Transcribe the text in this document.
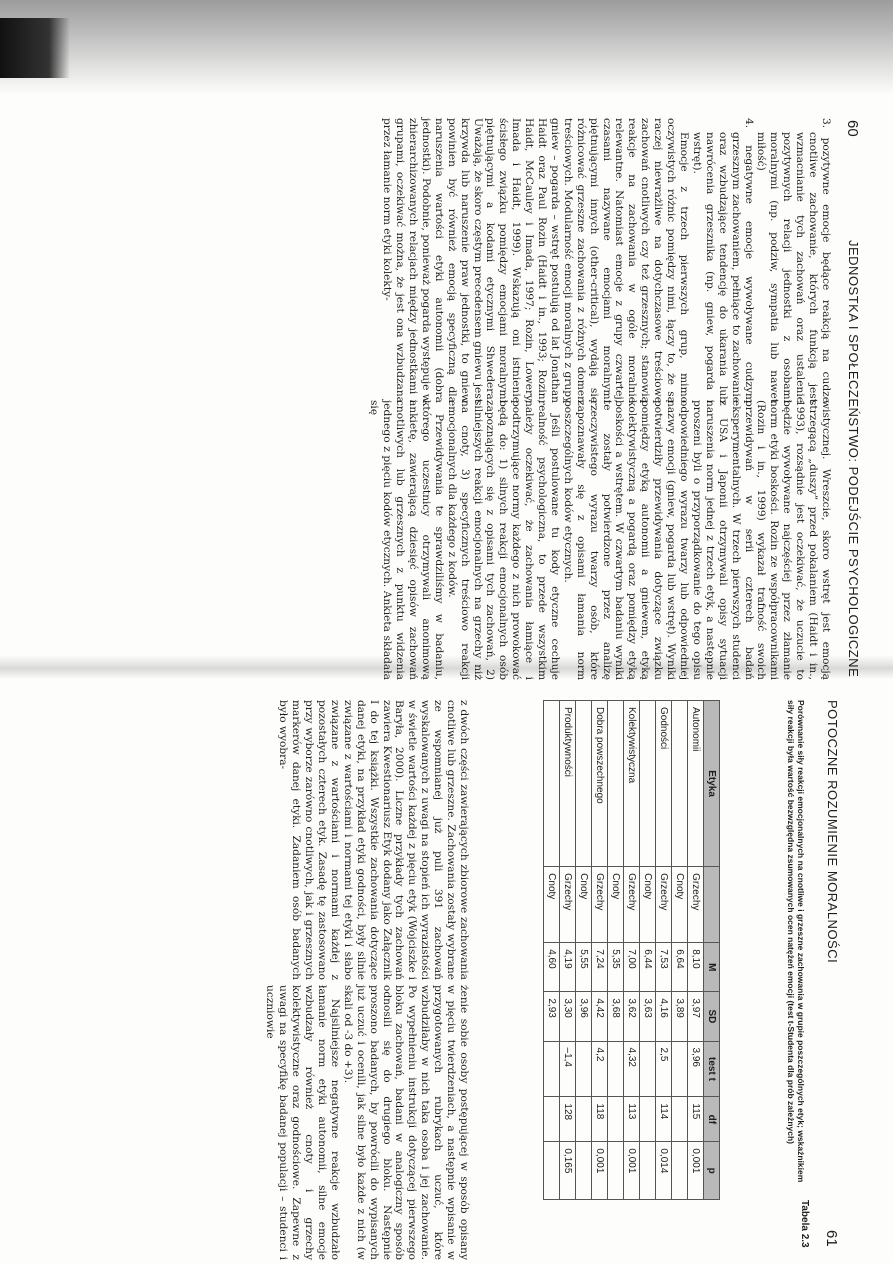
60
JEDNOSTKA I SPOŁECZEŃSTWO: PODEJŚCIE PSYCHOLOGICZNE

3. pozytywne emocje będące reakcją na cudze cnotliwe zachowanie, których funkcją jest wzmacnianie tych zachowań oraz ustalenie pozytywnych relacji jednostki z osobami moralnymi (np. podziw, sympatia lub nawet miłość)

4. negatywne emocje wywoływane cudzym grzesznym zachowaniem, pełniące to zachowanie oraz wzbudzające tendencję do ukarania lub nawrócenia grzesznika (np. gniew, pogarda i wstręt).

Emocje z trzech pierwszych grup, mimo oczywistych różnic pomiędzy nimi, łączy to, że są raczej niewrażliwe na dotychczasowe treściowe zachowań cnotliwych czy też grzesznych; stanowią reakcje na zachowania w ogóle moralnie relewantne. Natomiast emocje z grupy czwartej, czasami nazywane emocjami moralnymi piętnującymi innych (other-critical), wydają się różnicować grzeszne zachowania z różnych domen treściowych. Modularność emocji moralnych z grupy gniew – pogarda – wstręt postulują od lat Jonathan Haidt oraz Paul Rozin (Haidt i in., 1993; Rozin, Haidt, McCauley i Imada, 1997; Rozin, Lowery, Imada i Haidt, 1999). Wskazują oni istnienie ścisłego związku pomiędzy emocjami moralnymi piętnującymi a kodami etycznymi Shwedera. Uważają, że skoro częstym precedensem gniewu jest krzywda lub naruszenie praw jednostki, to gniew powinien być również emocją specyficzną dla naruszenia wartości etyki autonomii (dobra jednostki). Podobnie, ponieważ pogarda występuje w zhierarchizowanych relacjach między jednostkami i grupami, oczekiwać można, że jest ona wzbudzana przez łamanie norm etyki kolekty-

wistycznej. Wreszcie, skoro wstręt jest emocją strzegącą „duszy” przed pokalaniem (Haidt i in., 1993), rozsądnie jest oczekiwać, że uczucie to będzie wywoływane najczęściej przez złamanie norm etyki boskości. Rozin ze współpracownikami (Rozin i in., 1999) wykazał trafność swoich przewidywań w serii czterech badań eksperymentalnych. W trzech pierwszych studenci z USA i Japonii otrzymywali opisy sytuacji naruszenia norm jednej z trzech etyk, a następnie proszeni byli o przyporządkowanie do tego opisu odpowiedniego wyrazu twarzy lub odpowiedniej nazwy emocji (gniew, pogarda lub wstręt). Wyniki potwierdziły przewidywania dotyczące związku pomiędzy etyką autonomii a gniewem, etyką kolektywistyczną a pogardą oraz pomiędzy etyką boskości a wstrętem. W czwartym badaniu wyniki te zostały potwierdzone przez analizę rzeczywistego wyrazu twarzy osób, które zapoznawały się z opisami łamania norm poszczególnych kodów etycznych.

Jeśli postulowane tu kody etyczne cechuje realność psychologiczna, to przede wszystkim należy oczekiwać, że zachowania łamiące i podtrzymujące normy każdego z nich prowokować będą do: 1) silnych reakcji emocjonalnych osób zapoznających się z opisami tych zachowań, 2) silniejszych reakcji emocjonalnych na grzechy niż na cnoty, 3) specyficznych treściowo reakcji emocjonalnych dla każdego z kodów.

Przewidywania te sprawdziliśmy w badaniu, którego uczestnicy otrzymywali anonimową ankietę, zawierającą dziesięć opisów zachowań cnotliwych lub grzesznych z punktu widzenia jednego z pięciu kodów etycznych. Ankieta składała się

61
POTOCZNE ROZUMIENIE MORALNOŚCI
Tabela 2.3
Porównanie siły reakcji emocjonalnych na cnotliwe i grzeszne zachowania w grupie poszczególnych etyk; wskaźnikiem siły reakcji była wartość bezwzględna zsumowanych ocen natężeń emocji (test t-Studenta dla prób zależnych)
Etyka		M	SD	test t	df	p
Autonomii	Grzechy	8,10	3,97	3,96	115	0,001
	Cnoty	6,64	3,89			
Godności	Grzechy	7,53	4,16	2,5	114	0,014
	Cnoty	6,44	3,63			
Kolektywistyczna	Grzechy	7,00	3,62	4,32	113	0,001
	Cnoty	5,35	3,68			
Dobra powszechnego	Grzechy	7,24	4,42	4,2	118	0,001
	Cnoty	5,55	3,96			
Produktywności	Grzechy	4,19	3,30	–1,4	128	0,165
	Cnoty	4,60	2,93			

z dwóch części zawierających zbiorowe zachowania cnotliwe lub grzeszne. Zachowania zostały wybrane ze wspomnianej już puli 391 zachowań wyskalowanych z uwagi na stopień ich wyrazistości w świetle wartości każdej z pięciu etyk (Wojciszke i Baryła, 2000). Liczne przykłady tych zachowań zawiera Kwestionariusz Etyk dodany jako Załącznik I do tej książki. Wszystkie zachowania dotyczące danej etyki, na przykład etyki godności, były silnie związane z wartościami i normami tej etyki i słabo związane z wartościami i normami każdej z pozostałych czterech etyk. Zasadę tę zastosowano przy wyborze zarówno cnotliwych, jak i grzesznych markerów danej etyki. Zadaniem osób badanych było wyobra-

żenie sobie osoby postępującej w sposób opisany w pięciu twierdzeniach, a następnie wpisanie w przygotowanych rubrykach uczuć, które wzbudziłaby w nich taka osoba i jej zachowanie. Po wypełnieniu instrukcji dotyczącej pierwszego bloku zachowań, badani w analogiczny sposób odnosili się do drugiego bloku. Następnie proszono badanych, by powrócili do wypisanych już uczuć i ocenili, jak silne było każde z nich (w skali od -3 do +3).

Najsilniejsze negatywne reakcje wzbudzało łamanie norm etyki autonomii, silne emocje wzbudzały również cnoty i grzechy kolektywistyczne oraz godnościowe. Zapewne z uwagi na specyfikę badanej populacji – studenci i uczniowie
